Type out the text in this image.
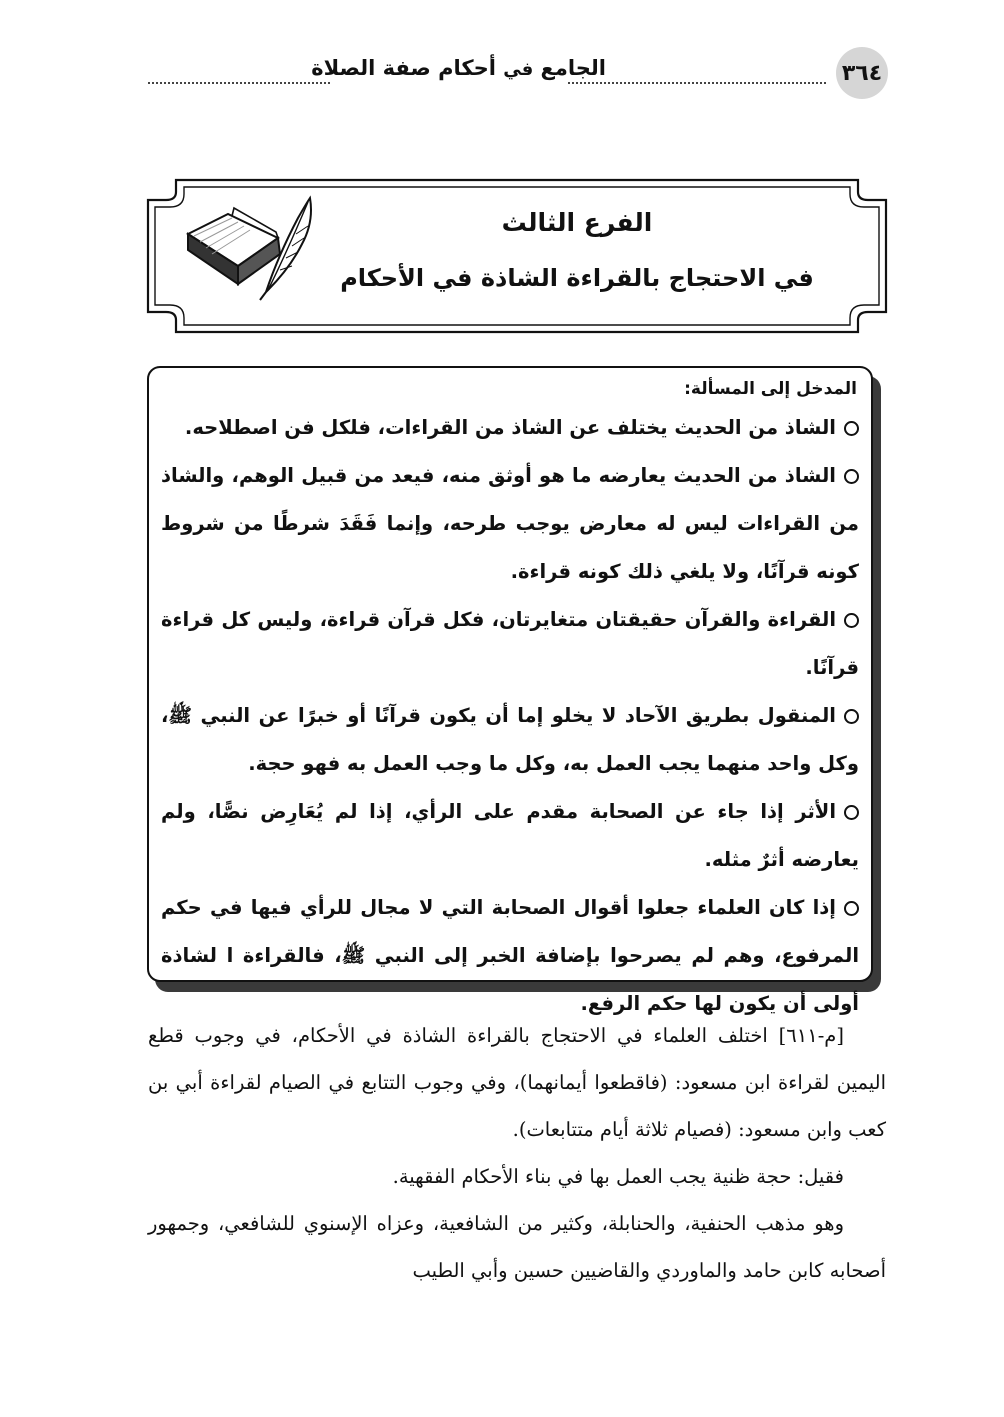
٣٦٤
الجامع في أحكام صفة الصلاة
الفرع الثالث
في الاحتجاج بالقراءة الشاذة في الأحكام
المدخل إلى المسألة:

الشاذ من الحديث يختلف عن الشاذ من القراءات، فلكل فن اصطلاحه.

الشاذ من الحديث يعارضه ما هو أوثق منه، فيعد من قبيل الوهم، والشاذ من القراءات ليس له معارض يوجب طرحه، وإنما فَقَدَ شرطًا من شروط كونه قرآنًا، ولا يلغي ذلك كونه قراءة.

القراءة والقرآن حقيقتان متغايرتان، فكل قرآن قراءة، وليس كل قراءة قرآنًا.

المنقول بطريق الآحاد لا يخلو إما أن يكون قرآنًا أو خبرًا عن النبي ﷺ، وكل واحد منهما يجب العمل به، وكل ما وجب العمل به فهو حجة.

الأثر إذا جاء عن الصحابة مقدم على الرأي، إذا لم يُعَارِض نصًّا، ولم يعارضه أثرٌ مثله.

إذا كان العلماء جعلوا أقوال الصحابة التي لا مجال للرأي فيها في حكم المرفوع، وهم لم يصرحوا بإضافة الخبر إلى النبي ﷺ، فالقراءة ا لشاذة أولى أن يكون لها حكم الرفع.

[م-٦١١] اختلف العلماء في الاحتجاج بالقراءة الشاذة في الأحكام، في وجوب قطع اليمين لقراءة ابن مسعود: (فاقطعوا أيمانهما)، وفي وجوب التتابع في الصيام لقراءة أبي بن كعب وابن مسعود: (فصيام ثلاثة أيام متتابعات).

فقيل: حجة ظنية يجب العمل بها في بناء الأحكام الفقهية.

وهو مذهب الحنفية، والحنابلة، وكثير من الشافعية، وعزاه الإسنوي للشافعي، وجمهور أصحابه كابن حامد والماوردي والقاضيين حسين وأبي الطيب
